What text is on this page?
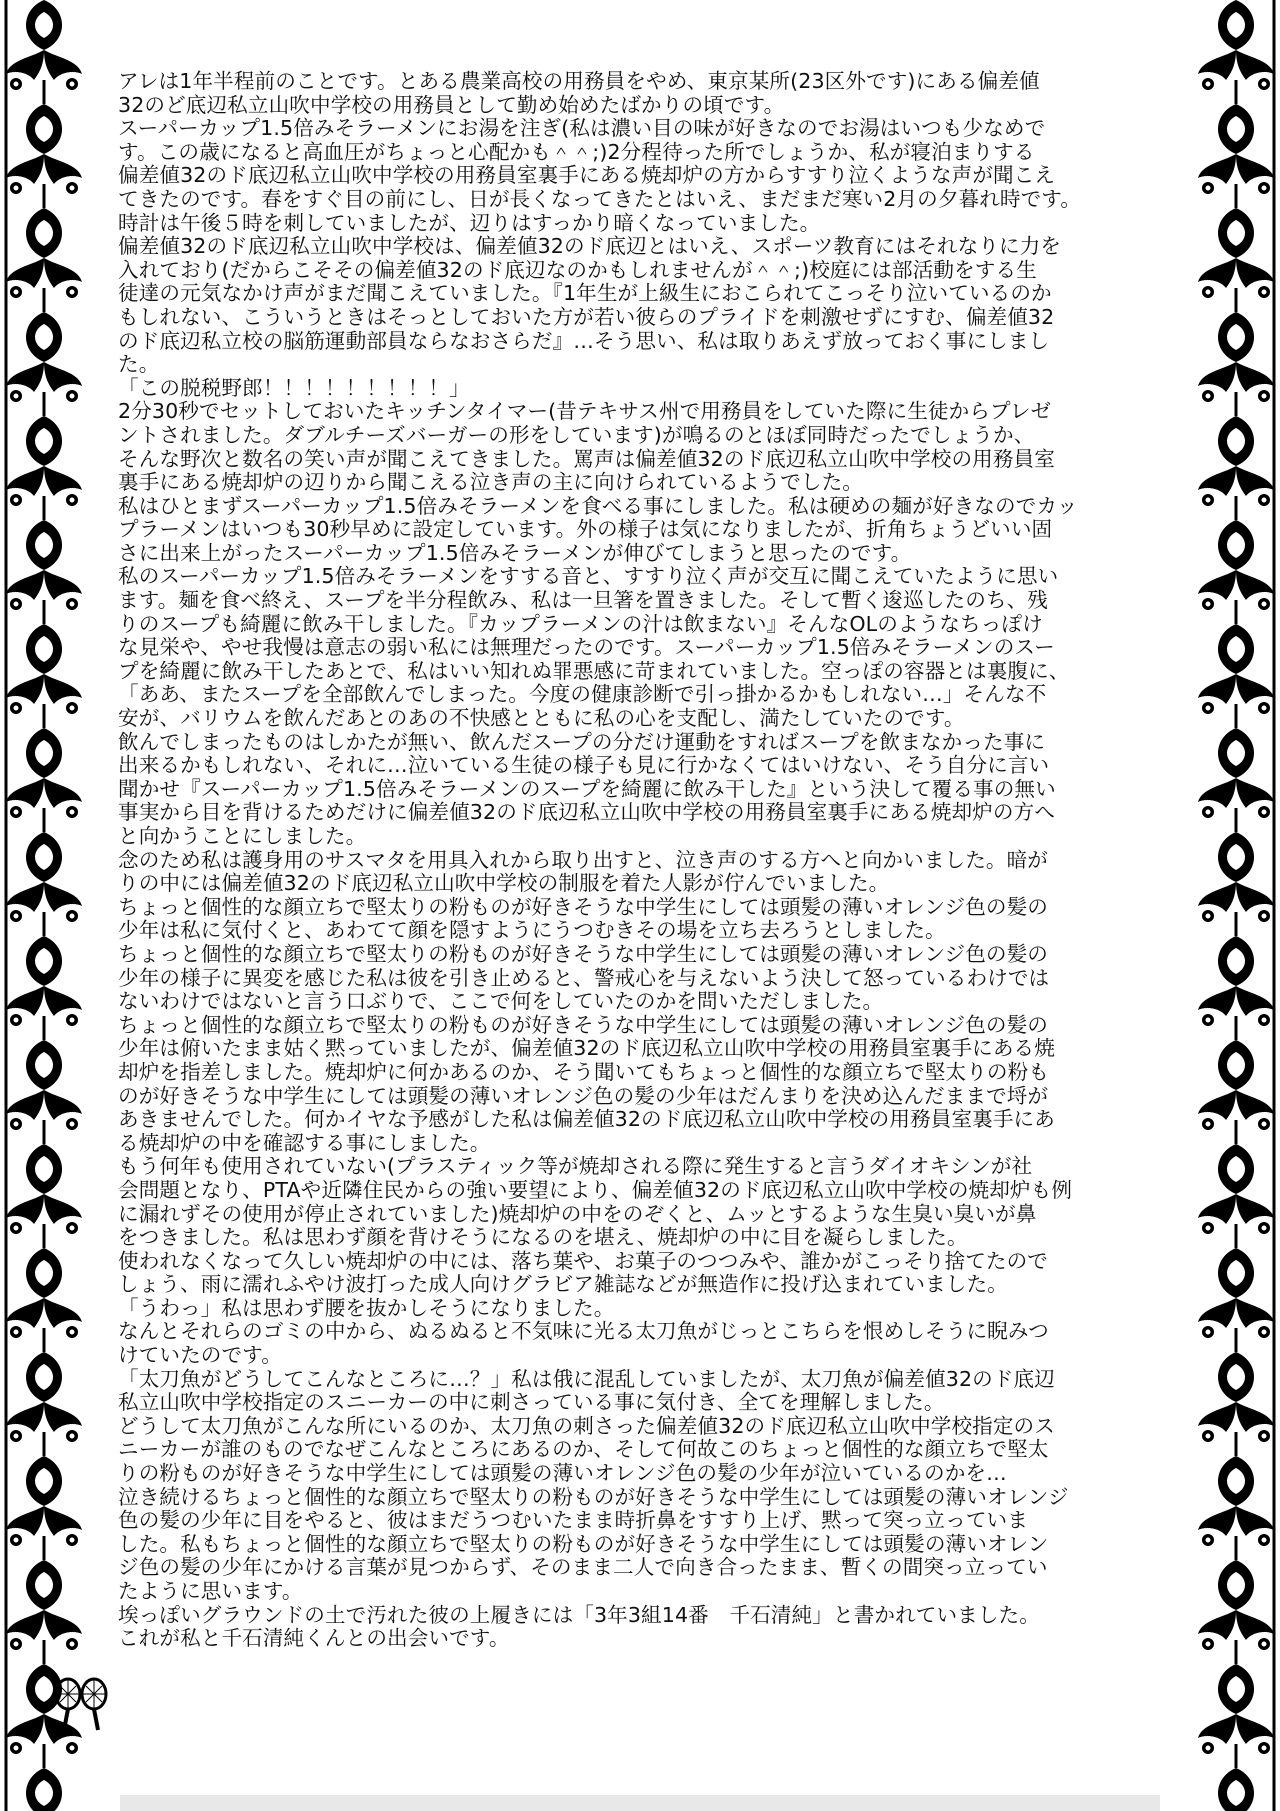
アレは1年半程前のことです。とある農業高校の用務員をやめ、東京某所(23区外です)にある偏差値
32のど底辺私立山吹中学校の用務員として勤め始めたばかりの頃です。
スーパーカップ1.5倍みそラーメンにお湯を注ぎ(私は濃い目の味が好きなのでお湯はいつも少なめで
す。この歳になると高血圧がちょっと心配かも＾＾;)2分程待った所でしょうか、私が寝泊まりする
偏差値32のド底辺私立山吹中学校の用務員室裏手にある焼却炉の方からすすり泣くような声が聞こえ
てきたのです。春をすぐ目の前にし、日が長くなってきたとはいえ、まだまだ寒い2月の夕暮れ時です。
時計は午後５時を刺していましたが、辺りはすっかり暗くなっていました。
偏差値32のド底辺私立山吹中学校は、偏差値32のド底辺とはいえ、スポーツ教育にはそれなりに力を
入れており(だからこそその偏差値32のド底辺なのかもしれませんが＾＾;)校庭には部活動をする生
徒達の元気なかけ声がまだ聞こえていました。『1年生が上級生におこられてこっそり泣いているのか
もしれない、こういうときはそっとしておいた方が若い彼らのプライドを刺激せずにすむ、偏差値32
のド底辺私立校の脳筋運動部員ならなおさらだ』…そう思い、私は取りあえず放っておく事にしまし
た。
「この脱税野郎！！！！！！！！！」
2分30秒でセットしておいたキッチンタイマー(昔テキサス州で用務員をしていた際に生徒からプレゼ
ントされました。ダブルチーズバーガーの形をしています)が鳴るのとほぼ同時だったでしょうか、
そんな野次と数名の笑い声が聞こえてきました。罵声は偏差値32のド底辺私立山吹中学校の用務員室
裏手にある焼却炉の辺りから聞こえる泣き声の主に向けられているようでした。
私はひとまずスーパーカップ1.5倍みそラーメンを食べる事にしました。私は硬めの麺が好きなのでカッ
プラーメンはいつも30秒早めに設定しています。外の様子は気になりましたが、折角ちょうどいい固
さに出来上がったスーパーカップ1.5倍みそラーメンが伸びてしまうと思ったのです。
私のスーパーカップ1.5倍みそラーメンをすする音と、すすり泣く声が交互に聞こえていたように思い
ます。麺を食べ終え、スープを半分程飲み、私は一旦箸を置きました。そして暫く逡巡したのち、残
りのスープも綺麗に飲み干しました。『カップラーメンの汁は飲まない』そんなOLのようなちっぽけ
な見栄や、やせ我慢は意志の弱い私には無理だったのです。スーパーカップ1.5倍みそラーメンのスー
プを綺麗に飲み干したあとで、私はいい知れぬ罪悪感に苛まれていました。空っぽの容器とは裏腹に、
「ああ、またスープを全部飲んでしまった。今度の健康診断で引っ掛かるかもしれない…」そんな不
安が、バリウムを飲んだあとのあの不快感とともに私の心を支配し、満たしていたのです。
飲んでしまったものはしかたが無い、飲んだスープの分だけ運動をすればスープを飲まなかった事に
出来るかもしれない、それに…泣いている生徒の様子も見に行かなくてはいけない、そう自分に言い
聞かせ『スーパーカップ1.5倍みそラーメンのスープを綺麗に飲み干した』という決して覆る事の無い
事実から目を背けるためだけに偏差値32のド底辺私立山吹中学校の用務員室裏手にある焼却炉の方へ
と向かうことにしました。
念のため私は護身用のサスマタを用具入れから取り出すと、泣き声のする方へと向かいました。暗が
りの中には偏差値32のド底辺私立山吹中学校の制服を着た人影が佇んでいました。
ちょっと個性的な顔立ちで堅太りの粉ものが好きそうな中学生にしては頭髪の薄いオレンジ色の髪の
少年は私に気付くと、あわてて顔を隠すようにうつむきその場を立ち去ろうとしました。
ちょっと個性的な顔立ちで堅太りの粉ものが好きそうな中学生にしては頭髪の薄いオレンジ色の髪の
少年の様子に異変を感じた私は彼を引き止めると、警戒心を与えないよう決して怒っているわけでは
ないわけではないと言う口ぶりで、ここで何をしていたのかを問いただしました。
ちょっと個性的な顔立ちで堅太りの粉ものが好きそうな中学生にしては頭髪の薄いオレンジ色の髪の
少年は俯いたまま姑く黙っていましたが、偏差値32のド底辺私立山吹中学校の用務員室裏手にある焼
却炉を指差しました。焼却炉に何かあるのか、そう聞いてもちょっと個性的な顔立ちで堅太りの粉も
のが好きそうな中学生にしては頭髪の薄いオレンジ色の髪の少年はだんまりを決め込んだままで埒が
あきませんでした。何かイヤな予感がした私は偏差値32のド底辺私立山吹中学校の用務員室裏手にあ
る焼却炉の中を確認する事にしました。
もう何年も使用されていない(プラスティック等が焼却される際に発生すると言うダイオキシンが社
会問題となり、PTAや近隣住民からの強い要望により、偏差値32のド底辺私立山吹中学校の焼却炉も例
に漏れずその使用が停止されていました)焼却炉の中をのぞくと、ムッとするような生臭い臭いが鼻
をつきました。私は思わず顔を背けそうになるのを堪え、焼却炉の中に目を凝らしました。
使われなくなって久しい焼却炉の中には、落ち葉や、お菓子のつつみや、誰かがこっそり捨てたので
しょう、雨に濡れふやけ波打った成人向けグラビア雑誌などが無造作に投げ込まれていました。
「うわっ」私は思わず腰を抜かしそうになりました。
なんとそれらのゴミの中から、ぬるぬると不気味に光る太刀魚がじっとこちらを恨めしそうに睨みつ
けていたのです。
「太刀魚がどうしてこんなところに…？」私は俄に混乱していましたが、太刀魚が偏差値32のド底辺
私立山吹中学校指定のスニーカーの中に刺さっている事に気付き、全てを理解しました。
どうして太刀魚がこんな所にいるのか、太刀魚の刺さった偏差値32のド底辺私立山吹中学校指定のス
ニーカーが誰のものでなぜこんなところにあるのか、そして何故このちょっと個性的な顔立ちで堅太
りの粉ものが好きそうな中学生にしては頭髪の薄いオレンジ色の髪の少年が泣いているのかを…
泣き続けるちょっと個性的な顔立ちで堅太りの粉ものが好きそうな中学生にしては頭髪の薄いオレンジ
色の髪の少年に目をやると、彼はまだうつむいたまま時折鼻をすすり上げ、黙って突っ立っていま
した。私もちょっと個性的な顔立ちで堅太りの粉ものが好きそうな中学生にしては頭髪の薄いオレン
ジ色の髪の少年にかける言葉が見つからず、そのまま二人で向き合ったまま、暫くの間突っ立ってい
たように思います。
埃っぽいグラウンドの土で汚れた彼の上履きには「3年3組14番　千石清純」と書かれていました。
これが私と千石清純くんとの出会いです。
